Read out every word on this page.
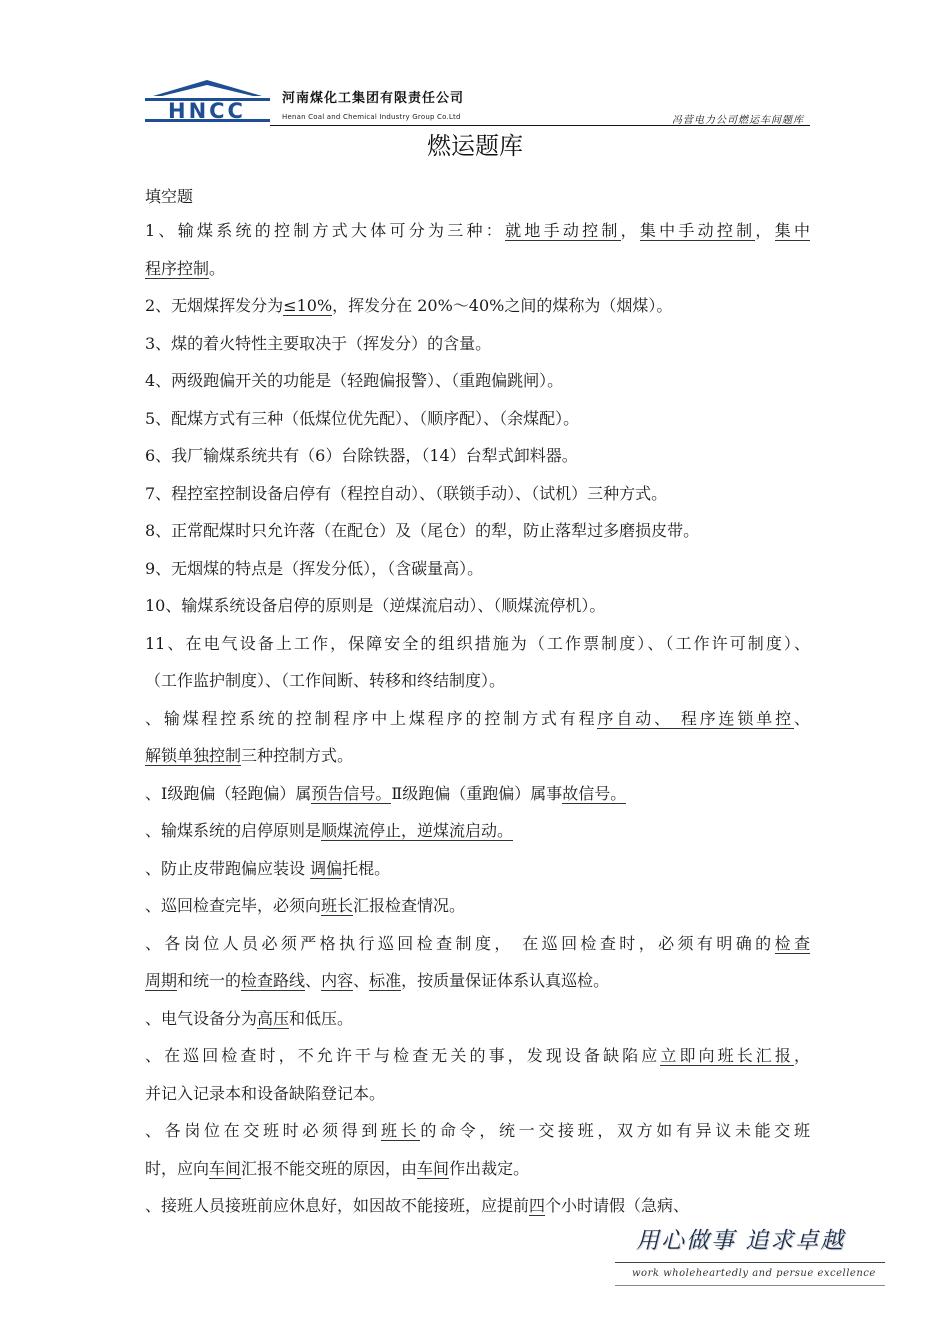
HNCC
河南煤化工集团有限责任公司
Henan Coal and Chemical Industry Group Co.Ltd	冯营电力公司燃运车间题库
燃运题库
填空题
1、输煤系统的控制方式大体可分为三种：就地手动控制，集中手动控制，集中
程序控制。
2、无烟煤挥发分为≤10%，挥发分在 20%～40%之间的煤称为（烟煤）。
3、煤的着火特性主要取决于（挥发分）的含量。
4、两级跑偏开关的功能是（轻跑偏报警）、（重跑偏跳闸）。
5、配煤方式有三种（低煤位优先配）、（顺序配）、（余煤配）。
6、我厂输煤系统共有（6）台除铁器，（14）台犁式卸料器。
7、程控室控制设备启停有（程控自动）、（联锁手动）、（试机）三种方式。
8、正常配煤时只允许落（在配仓）及（尾仓）的犁，防止落犁过多磨损皮带。
9、无烟煤的特点是（挥发分低），（含碳量高）。
10、输煤系统设备启停的原则是（逆煤流启动）、（顺煤流停机）。
11、在电气设备上工作，保障安全的组织措施为（工作票制度）、（工作许可制度）、
（工作监护制度）、（工作间断、转移和终结制度）。
、输煤程控系统的控制程序中上煤程序的控制方式有程序自动、 程序连锁单控、
解锁单独控制三种控制方式。
、Ⅰ级跑偏（轻跑偏）属预告信号。Ⅱ级跑偏（重跑偏）属事故信号。
、输煤系统的启停原则是顺煤流停止，逆煤流启动。
、防止皮带跑偏应装设 调偏托棍。
、巡回检查完毕，必须向班长汇报检查情况。
、各岗位人员必须严格执行巡回检查制度， 在巡回检查时，必须有明确的检查
周期和统一的检查路线、内容、标准，按质量保证体系认真巡检。
、电气设备分为高压和低压。
、在巡回检查时，不允许干与检查无关的事，发现设备缺陷应立即向班长汇报，
并记入记录本和设备缺陷登记本。
、各岗位在交班时必须得到班长的命令，统一交接班，双方如有异议未能交班
时，应向车间汇报不能交班的原因，由车间作出裁定。
、接班人员接班前应休息好，如因故不能接班，应提前四个小时请假（急病、
用心做事 追求卓越
work wholeheartedly and persue excellence
